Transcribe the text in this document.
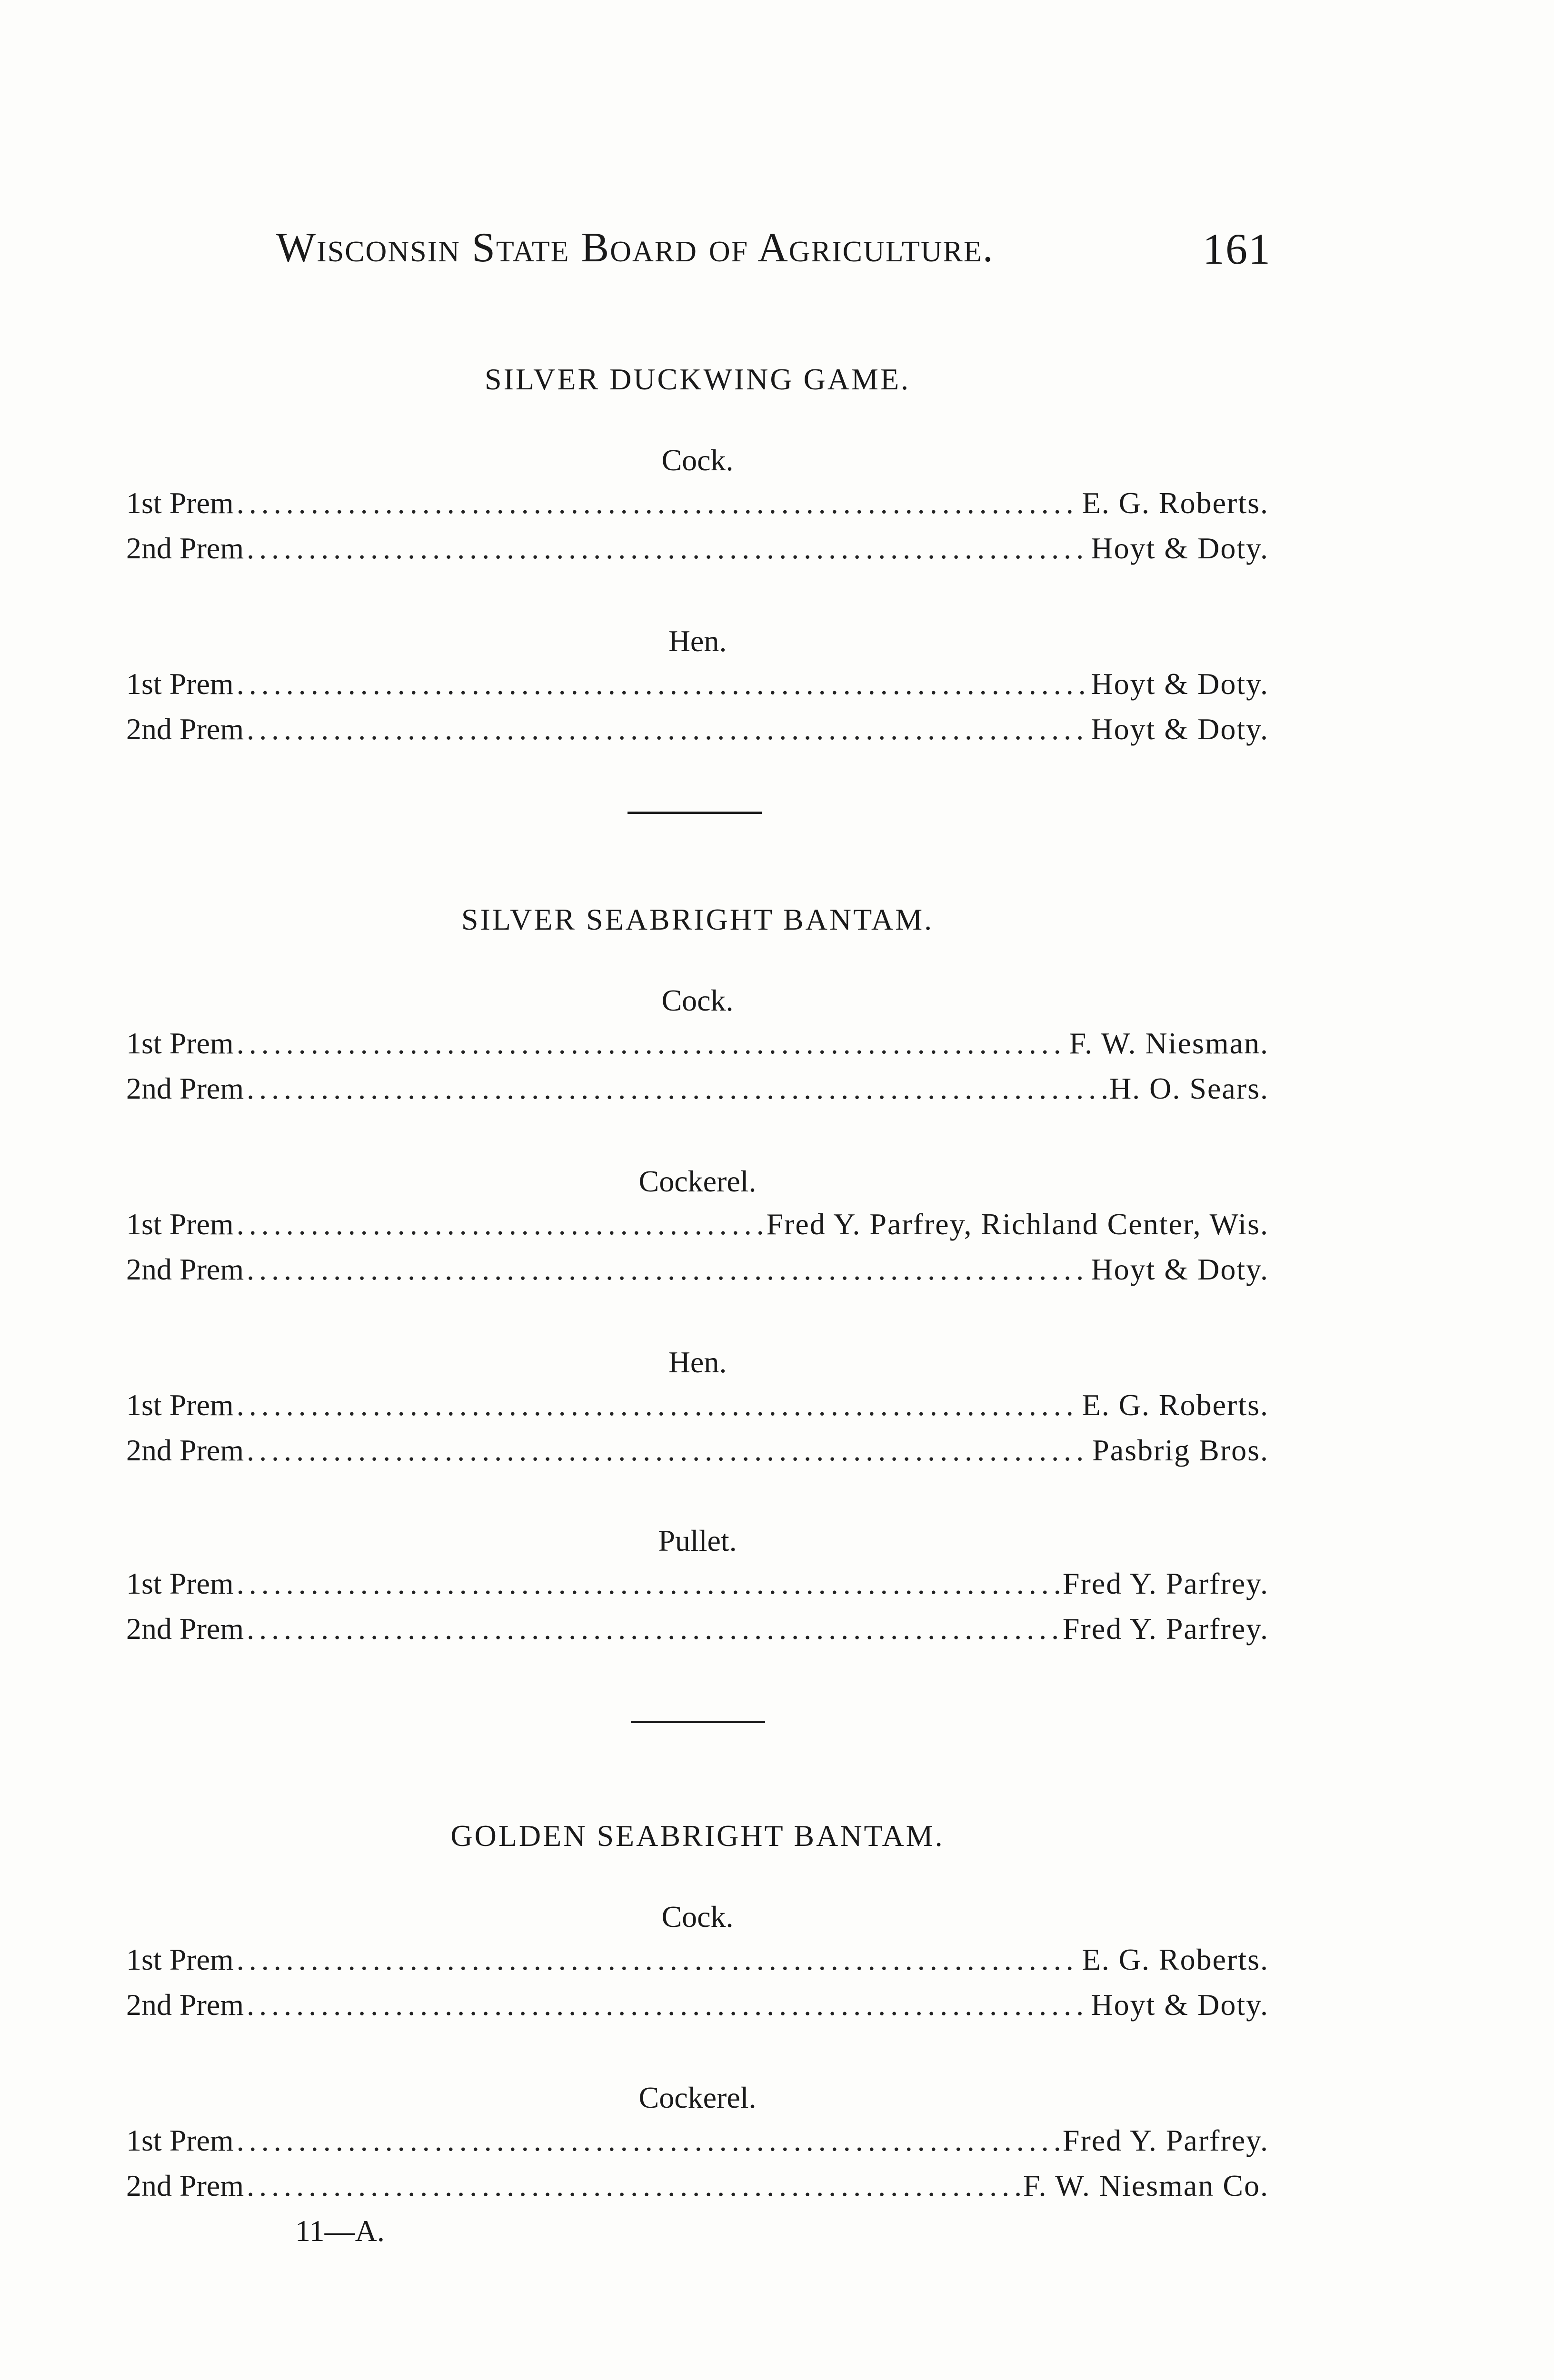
Wisconsin State Board of Agriculture.	161
SILVER DUCKWING GAME.
Cock.
1st Prem .....	E. G. Roberts.
2nd Prem .....	Hoyt & Doty.
Hen.
1st Prem .....	Hoyt & Doty.
2nd Prem .....	Hoyt & Doty.
SILVER SEABRIGHT BANTAM.
Cock.
1st Prem .....	F. W. Niesman.
2nd Prem .....	H. O. Sears.
Cockerel.
1st Prem .....	Fred Y. Parfrey, Richland Center, Wis.
2nd Prem .....	Hoyt & Doty.
Hen.
1st Prem .....	E. G. Roberts.
2nd Prem .....	Pasbrig Bros.
Pullet.
1st Prem .....	Fred Y. Parfrey.
2nd Prem .....	Fred Y. Parfrey.
GOLDEN SEABRIGHT BANTAM.
Cock.
1st Prem .....	E. G. Roberts.
2nd Prem .....	Hoyt & Doty.
Cockerel.
1st Prem .....	Fred Y. Parfrey.
2nd Prem .....	F. W. Niesman Co.
11—A.
